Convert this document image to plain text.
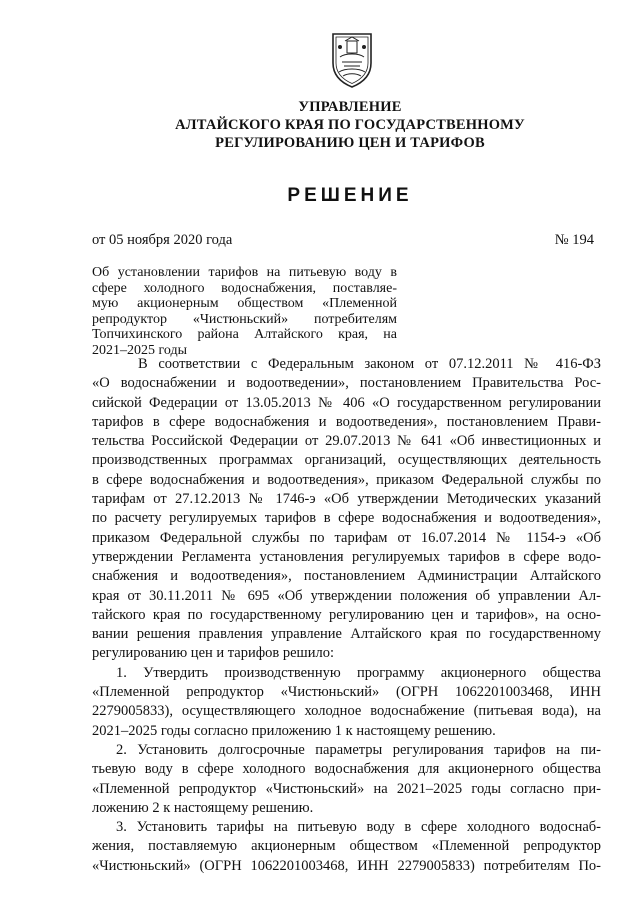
УПРАВЛЕНИЕ
АЛТАЙСКОГО КРАЯ ПО ГОСУДАРСТВЕННОМУ
РЕГУЛИРОВАНИЮ ЦЕН И ТАРИФОВ
РЕШЕНИЕ
от 05 ноября 2020 года	№ 194
Об установлении тарифов на питьевую воду в
сфере холодного водоснабжения, поставляе-
мую акционерным обществом «Племенной
репродуктор «Чистюньский» потребителям
Топчихинского района Алтайского края, на
2021–2025 годы
В соответствии с Федеральным законом от 07.12.2011 № 416-ФЗ
«О водоснабжении и водоотведении», постановлением Правительства Рос-
сийской Федерации от 13.05.2013 № 406 «О государственном регулировании
тарифов в сфере водоснабжения и водоотведения», постановлением Прави-
тельства Российской Федерации от 29.07.2013 № 641 «Об инвестиционных и
производственных программах организаций, осуществляющих деятельность
в сфере водоснабжения и водоотведения», приказом Федеральной службы по
тарифам от 27.12.2013 № 1746-э «Об утверждении Методических указаний
по расчету регулируемых тарифов в сфере водоснабжения и водоотведения»,
приказом Федеральной службы по тарифам от 16.07.2014 № 1154-э «Об
утверждении Регламента установления регулируемых тарифов в сфере водо-
снабжения и водоотведения», постановлением Администрации Алтайского
края от 30.11.2011 № 695 «Об утверждении положения об управлении Ал-
тайского края по государственному регулированию цен и тарифов», на осно-
вании решения правления управление Алтайского края по государственному
регулированию цен и тарифов решило:
1. Утвердить производственную программу акционерного общества
«Племенной репродуктор «Чистюньский» (ОГРН 1062201003468, ИНН
2279005833), осуществляющего холодное водоснабжение (питьевая вода), на
2021–2025 годы согласно приложению 1 к настоящему решению.
2. Установить долгосрочные параметры регулирования тарифов на пи-
тьевую воду в сфере холодного водоснабжения для акционерного общества
«Племенной репродуктор «Чистюньский» на 2021–2025 годы согласно при-
ложению 2 к настоящему решению.
3. Установить тарифы на питьевую воду в сфере холодного водоснаб-
жения, поставляемую акционерным обществом «Племенной репродуктор
«Чистюньский» (ОГРН 1062201003468, ИНН 2279005833) потребителям По-
